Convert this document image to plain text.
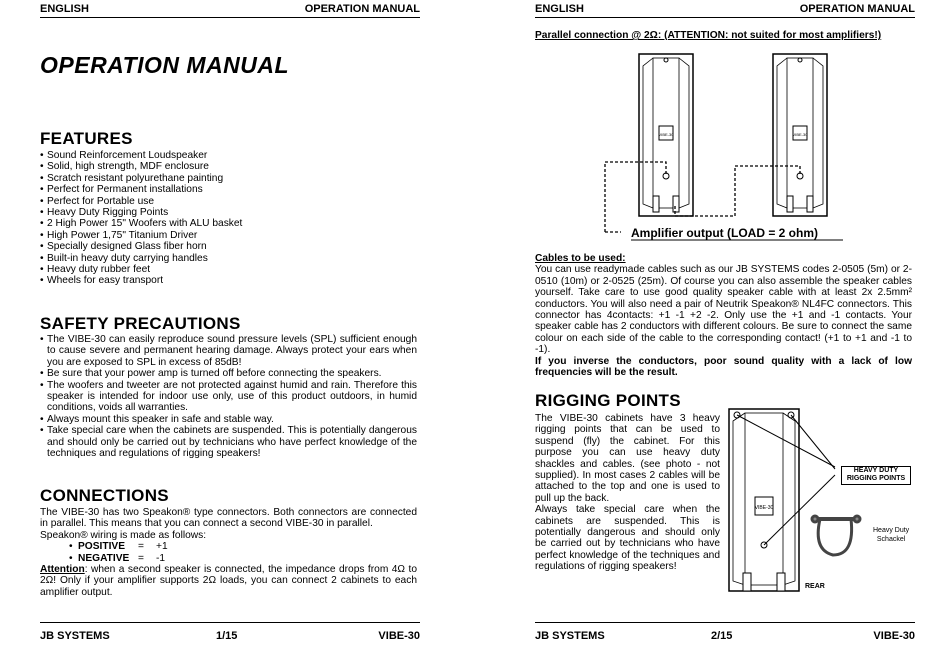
ENGLISH	OPERATION MANUAL
OPERATION MANUAL
FEATURES
• Sound Reinforcement Loudspeaker
• Solid, high strength, MDF enclosure
• Scratch resistant polyurethane painting
• Perfect for Permanent installations
• Perfect for Portable use
• Heavy Duty Rigging Points
• 2 High Power 15" Woofers with ALU basket
• High Power 1,75" Titanium Driver
• Specially designed Glass fiber horn
• Built-in heavy duty carrying handles
• Heavy duty rubber feet
• Wheels for easy transport
SAFETY PRECAUTIONS
• The VIBE-30 can easily reproduce sound pressure levels (SPL) sufficient enough to cause severe and permanent hearing damage. Always protect your ears when you are exposed to SPL in excess of 85dB!
• Be sure that your power amp is turned off before connecting the speakers.
• The woofers and tweeter are not protected against humid and rain. Therefore this speaker is intended for indoor use only, use of this product outdoors, in humid conditions, voids all warranties.
• Always mount this speaker in safe and stable way.
• Take special care when the cabinets are suspended. This is potentially dangerous and should only be carried out by technicians who have perfect knowledge of the techniques and regulations of rigging speakers!
CONNECTIONS
The VIBE-30 has two Speakon® type connectors. Both connectors are connected in parallel. This means that you can connect a second VIBE-30 in parallel.
Speakon® wiring is made as follows:
• POSITIVE = +1
• NEGATIVE = -1
Attention: when a second speaker is connected, the impedance drops from 4Ω to 2Ω! Only if your amplifier supports 2Ω loads, you can connect 2 cabinets to each amplifier output.
JB SYSTEMS	1/15	VIBE-30
ENGLISH	OPERATION MANUAL
Parallel connection @ 2Ω: (ATTENTION: not suited for most amplifiers!)
VIBE-30	VIBE-30
Amplifier output (LOAD = 2 ohm)
Cables to be used:
You can use readymade cables such as our JB SYSTEMS codes 2-0505 (5m) or 2-0510 (10m) or 2-0525 (25m). Of course you can also assemble the speaker cables yourself. Take care to use good quality speaker cable with at least 2x 2.5mm² conductors. You will also need a pair of Neutrik Speakon® NL4FC connectors. This connector has 4contacts: +1 -1 +2 -2. Only use the +1 and -1 contacts. Your speaker cable has 2 conductors with different colours. Be sure to connect the same colour on each side of the cable to the corresponding contact! (+1 to +1 and -1 to -1).
If you inverse the conductors, poor sound quality with a lack of low frequencies will be the result.
RIGGING POINTS
The VIBE-30 cabinets have 3 heavy rigging points that can be used to suspend (fly) the cabinet. For this purpose you can use heavy duty shackles and cables. (see photo - not supplied). In most cases 2 cables will be attached to the top and one is used to pull up the back.
Always take special care when the cabinets are suspended. This is potentially dangerous and should only be carried out by technicians who have perfect knowledge of the techniques and regulations of rigging speakers!
VIBE-30
REAR
HEAVY DUTY
RIGGING POINTS
Heavy Duty
Schackel
JB SYSTEMS	2/15	VIBE-30
